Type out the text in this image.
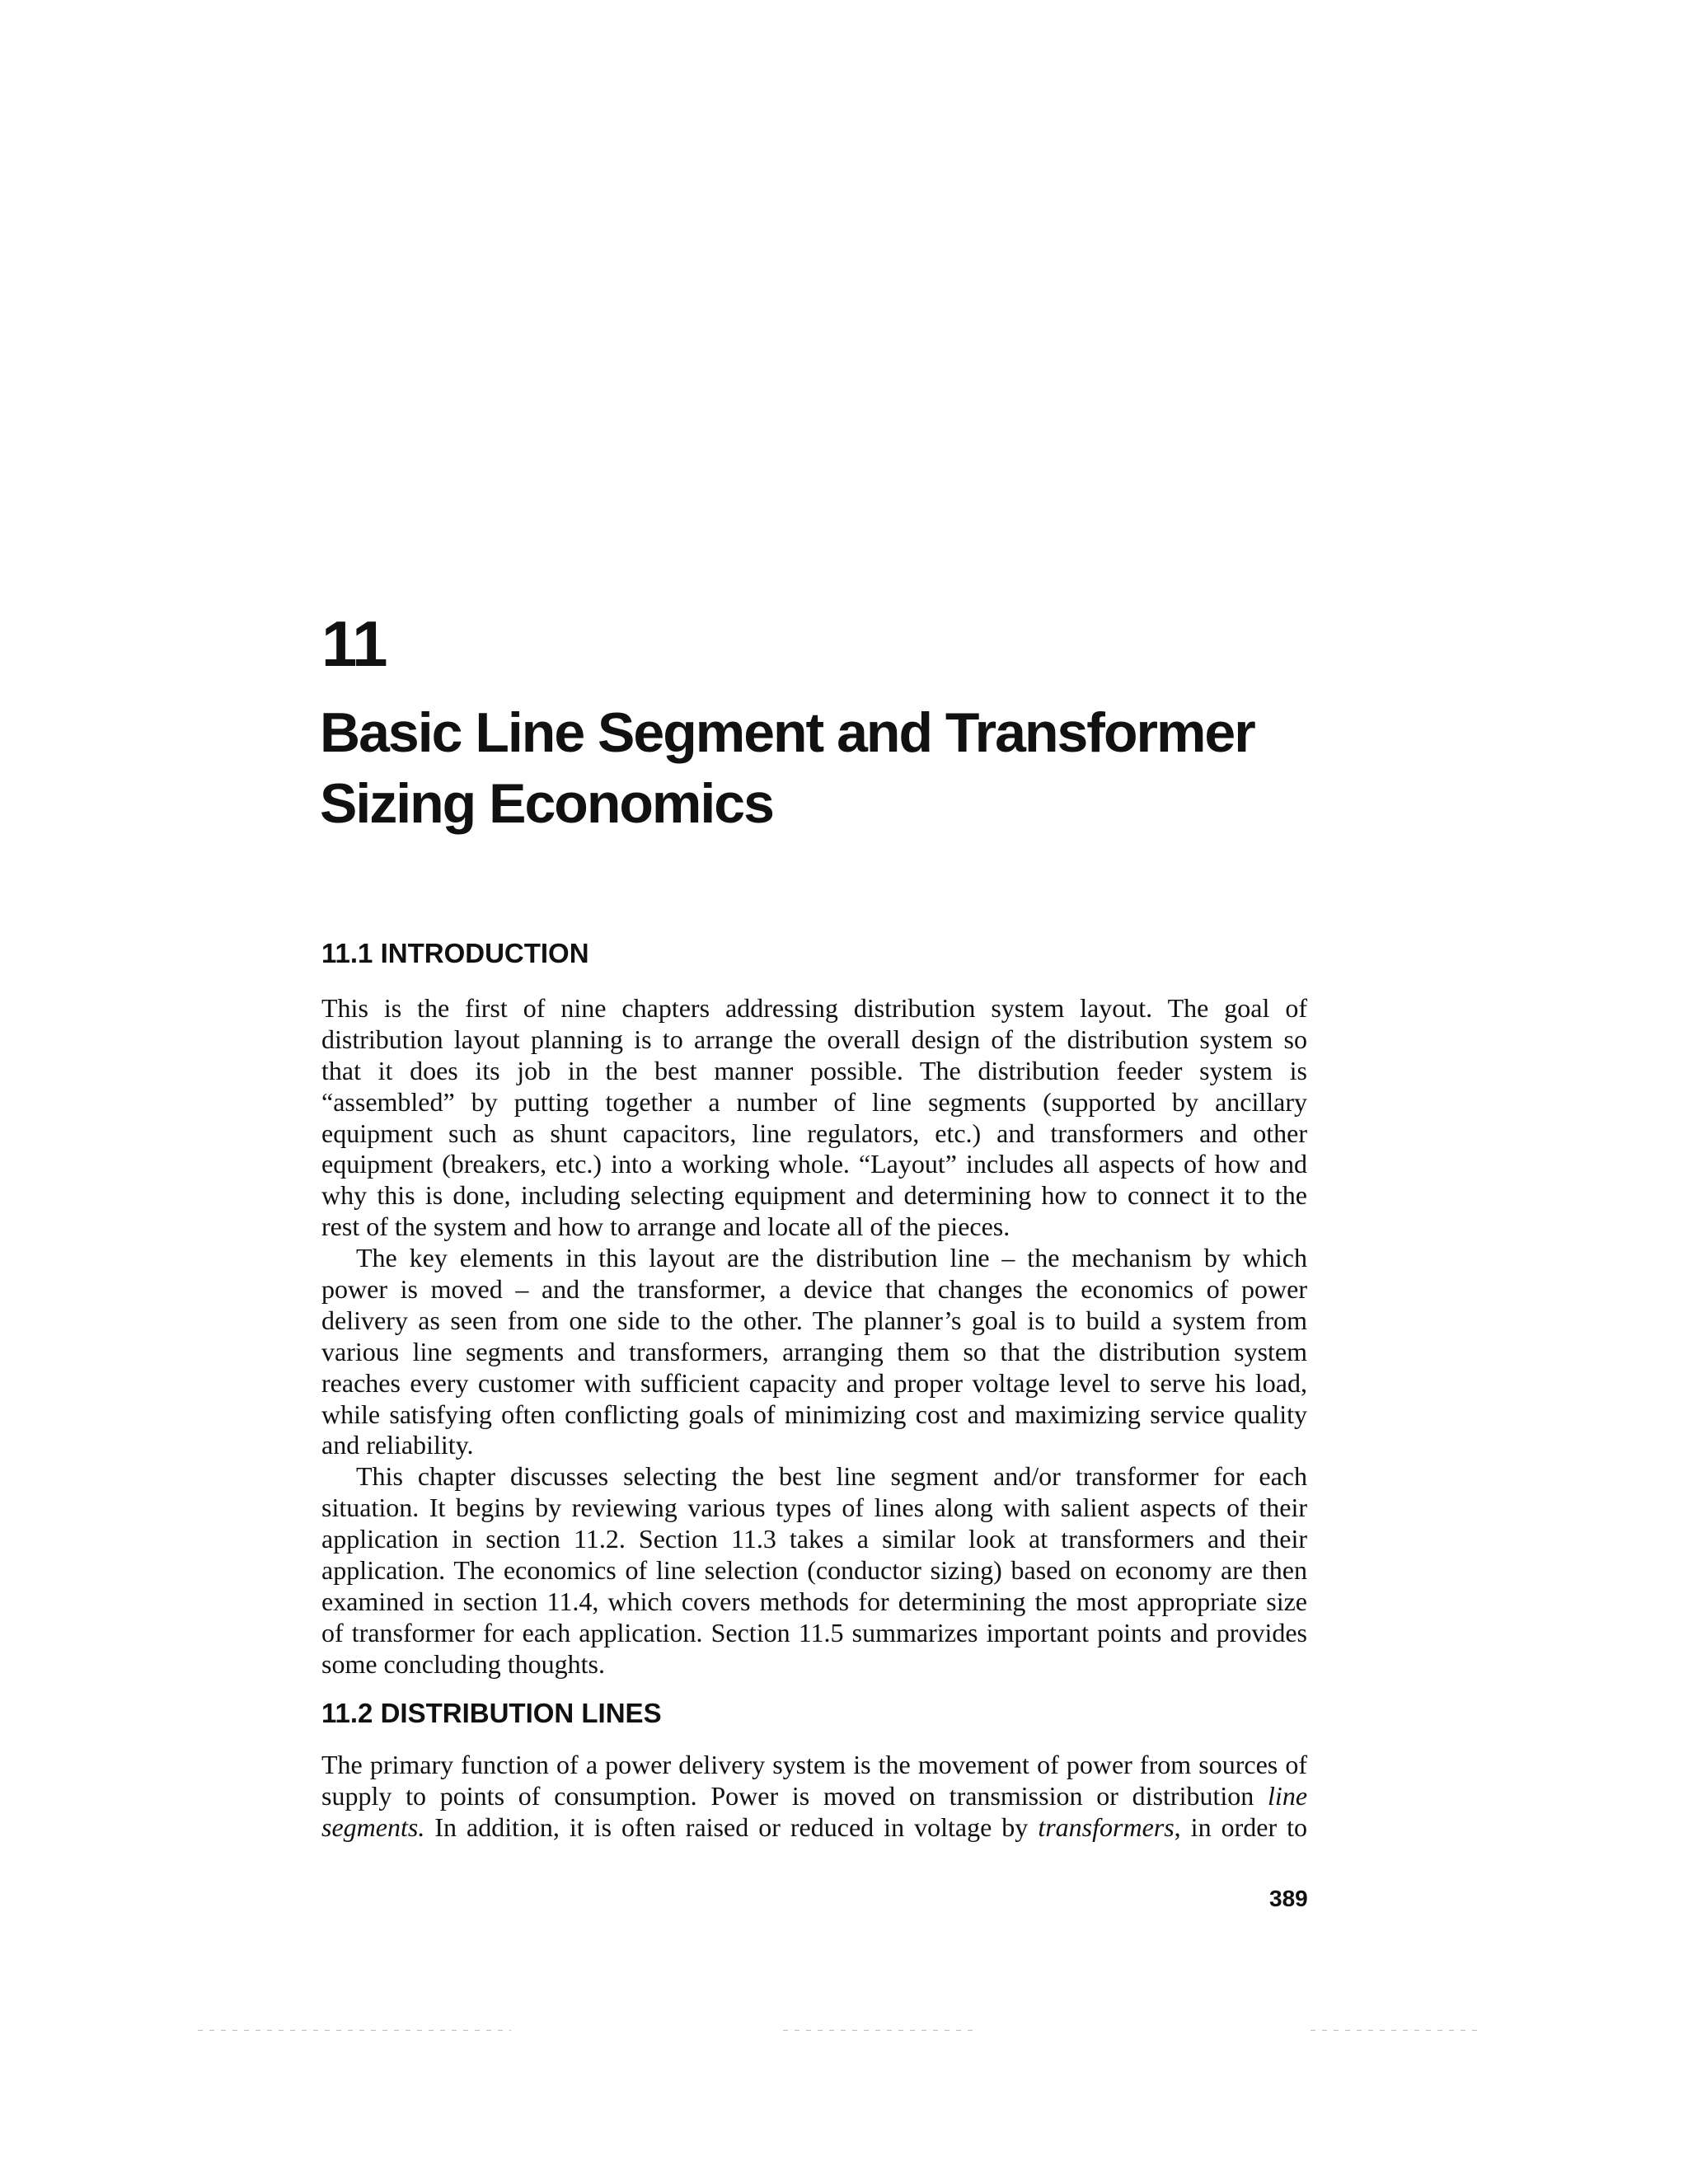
11
Basic Line Segment and Transformer
Sizing Economics
11.1 INTRODUCTION
This is the first of nine chapters addressing distribution system layout. The goal of
distribution layout planning is to arrange the overall design of the distribution system so
that it does its job in the best manner possible. The distribution feeder system is
“assembled” by putting together a number of line segments (supported by ancillary
equipment such as shunt capacitors, line regulators, etc.) and transformers and other
equipment (breakers, etc.) into a working whole. “Layout” includes all aspects of how and
why this is done, including selecting equipment and determining how to connect it to the
rest of the system and how to arrange and locate all of the pieces.
The key elements in this layout are the distribution line – the mechanism by which
power is moved – and the transformer, a device that changes the economics of power
delivery as seen from one side to the other. The planner’s goal is to build a system from
various line segments and transformers, arranging them so that the distribution system
reaches every customer with sufficient capacity and proper voltage level to serve his load,
while satisfying often conflicting goals of minimizing cost and maximizing service quality
and reliability.
This chapter discusses selecting the best line segment and/or transformer for each
situation. It begins by reviewing various types of lines along with salient aspects of their
application in section 11.2. Section 11.3 takes a similar look at transformers and their
application. The economics of line selection (conductor sizing) based on economy are then
examined in section 11.4, which covers methods for determining the most appropriate size
of transformer for each application. Section 11.5 summarizes important points and provides
some concluding thoughts.
11.2 DISTRIBUTION LINES
The primary function of a power delivery system is the movement of power from sources of
supply to points of consumption. Power is moved on transmission or distribution line
segments. In addition, it is often raised or reduced in voltage by transformers, in order to
389
